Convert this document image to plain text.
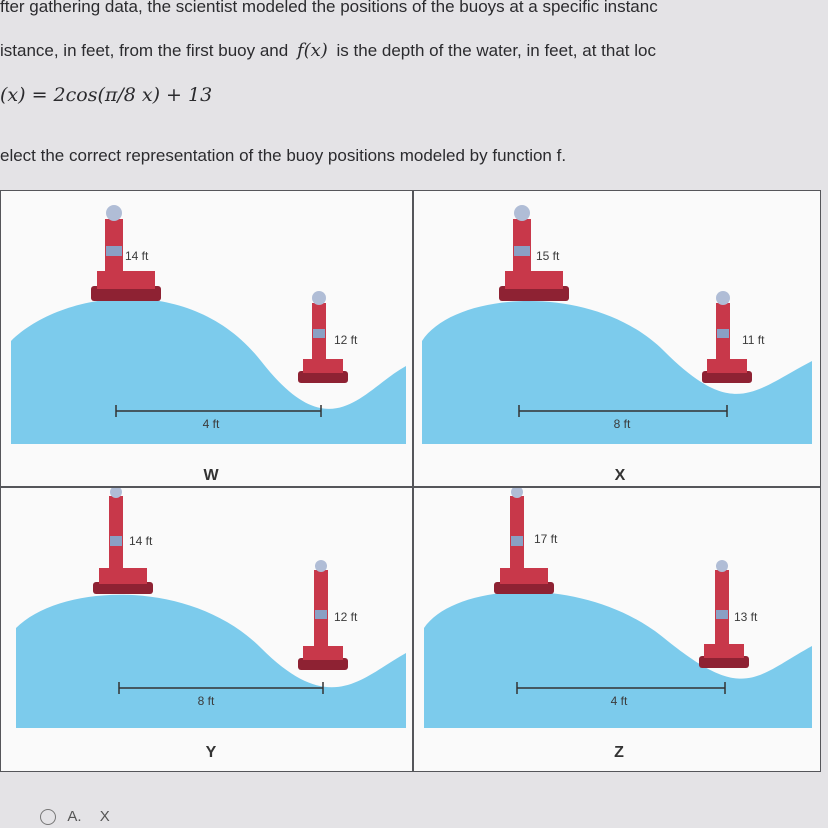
fter gathering data, the scientist modeled the positions of the buoys at a specific instanc
istance, in feet, from the first buoy and f(x) is the depth of the water, in feet, at that loc
(x) = 2cos(π/8 x) + 13
elect the correct representation of the buoy positions modeled by function f.
14 ft
12 ft
4 ft
W
15 ft
11 ft
8 ft
X
14 ft
12 ft
8 ft
Y
17 ft
13 ft
4 ft
Z
A. X
